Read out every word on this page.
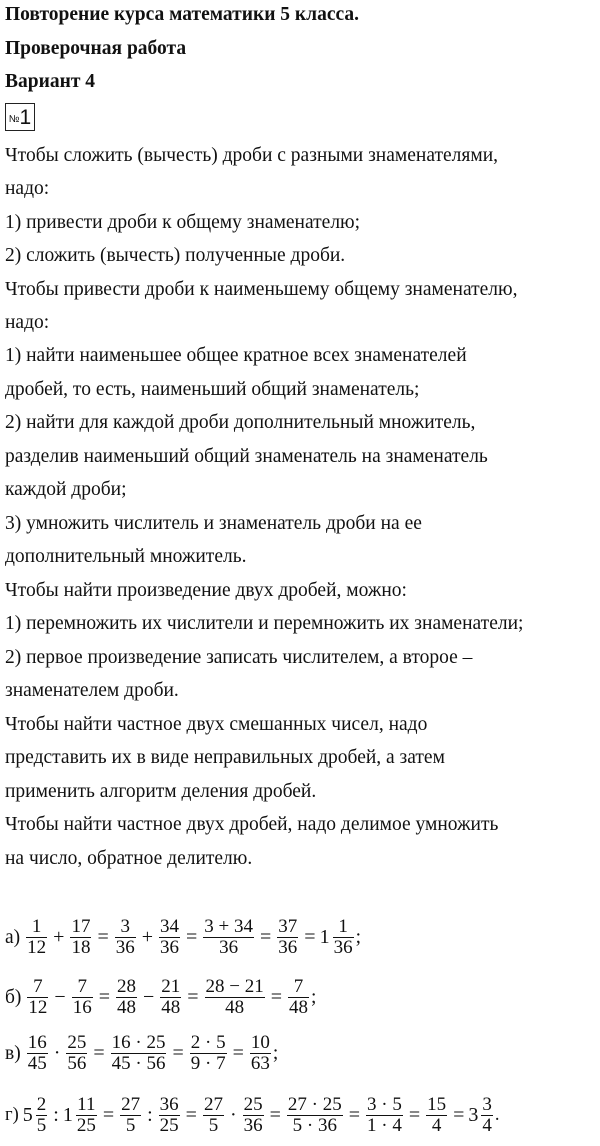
Повторение курса математики 5 класса.
Проверочная работа
Вариант 4
№ 1
Чтобы сложить (вычесть) дроби с разными знаменателями,
надо:
1) привести дроби к общему знаменателю;
2) сложить (вычесть) полученные дроби.
Чтобы привести дроби к наименьшему общему знаменателю,
надо:
1) найти наименьшее общее кратное всех знаменателей
дробей, то есть, наименьший общий знаменатель;
2) найти для каждой дроби дополнительный множитель,
разделив наименьший общий знаменатель на знаменатель
каждой дроби;
3) умножить числитель и знаменатель дроби на ее
дополнительный множитель.
Чтобы найти произведение двух дробей, можно:
1) перемножить их числители и перемножить их знаменатели;
2) первое произведение записать числителем, а второе –
знаменателем дроби.
Чтобы найти частное двух смешанных чисел, надо
представить их в виде неправильных дробей, а затем
применить алгоритм деления дробей.
Чтобы найти частное двух дробей, надо делимое умножить
на число, обратное делителю.
$а) \frac{1}{12} + \frac{17}{18} = \frac{3}{36} + \frac{34}{36} = \frac{3 + 34}{36} = \frac{37}{36} = 1 \frac{1}{36}$ ;
$б) \frac{7}{12} - \frac{7}{16} = \frac{28}{48} - \frac{21}{48} = \frac{28 - 21}{48} = \frac{7}{48}$ ;
$в) \frac{16}{45} \cdot \frac{25}{56} = \frac{16 \cdot 25}{45 \cdot 56} = \frac{2 \cdot 5}{9 \cdot 7} = \frac{10}{63}$ ;
г) $5 \frac{2}{5}$ : $1 \frac{11}{25} = \frac{27}{5}$ : $\frac{36}{25} = \frac{27}{5} \cdot \frac{25}{36} = \frac{27 \cdot 25}{5 \cdot 36} = \frac{3 \cdot 5}{1 \cdot 4} = \frac{15}{4} = 3 \frac{3}{4}$ .
